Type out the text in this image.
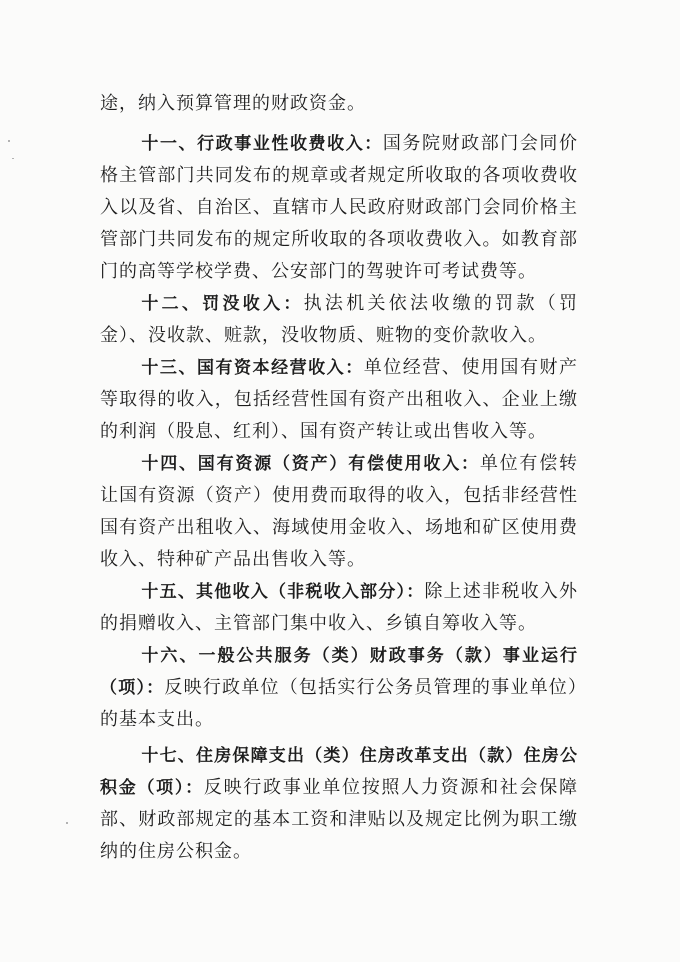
途，纳入预算管理的财政资金。

十一、行政事业性收费收入：国务院财政部门会同价格主管部门共同发布的规章或者规定所收取的各项收费收入以及省、自治区、直辖市人民政府财政部门会同价格主管部门共同发布的规定所收取的各项收费收入。如教育部门的高等学校学费、公安部门的驾驶许可考试费等。

十二、罚没收入：执法机关依法收缴的罚款（罚金）、没收款、赃款，没收物质、赃物的变价款收入。

十三、国有资本经营收入：单位经营、使用国有财产等取得的收入，包括经营性国有资产出租收入、企业上缴的利润（股息、红利）、国有资产转让或出售收入等。

十四、国有资源（资产）有偿使用收入：单位有偿转让国有资源（资产）使用费而取得的收入，包括非经营性国有资产出租收入、海域使用金收入、场地和矿区使用费收入、特种矿产品出售收入等。

十五、其他收入（非税收入部分）：除上述非税收入外的捐赠收入、主管部门集中收入、乡镇自筹收入等。

十六、一般公共服务（类）财政事务（款）事业运行（项）：反映行政单位（包括实行公务员管理的事业单位）的基本支出。

十七、住房保障支出（类）住房改革支出（款）住房公积金（项）：反映行政事业单位按照人力资源和社会保障部、财政部规定的基本工资和津贴以及规定比例为职工缴纳的住房公积金。
